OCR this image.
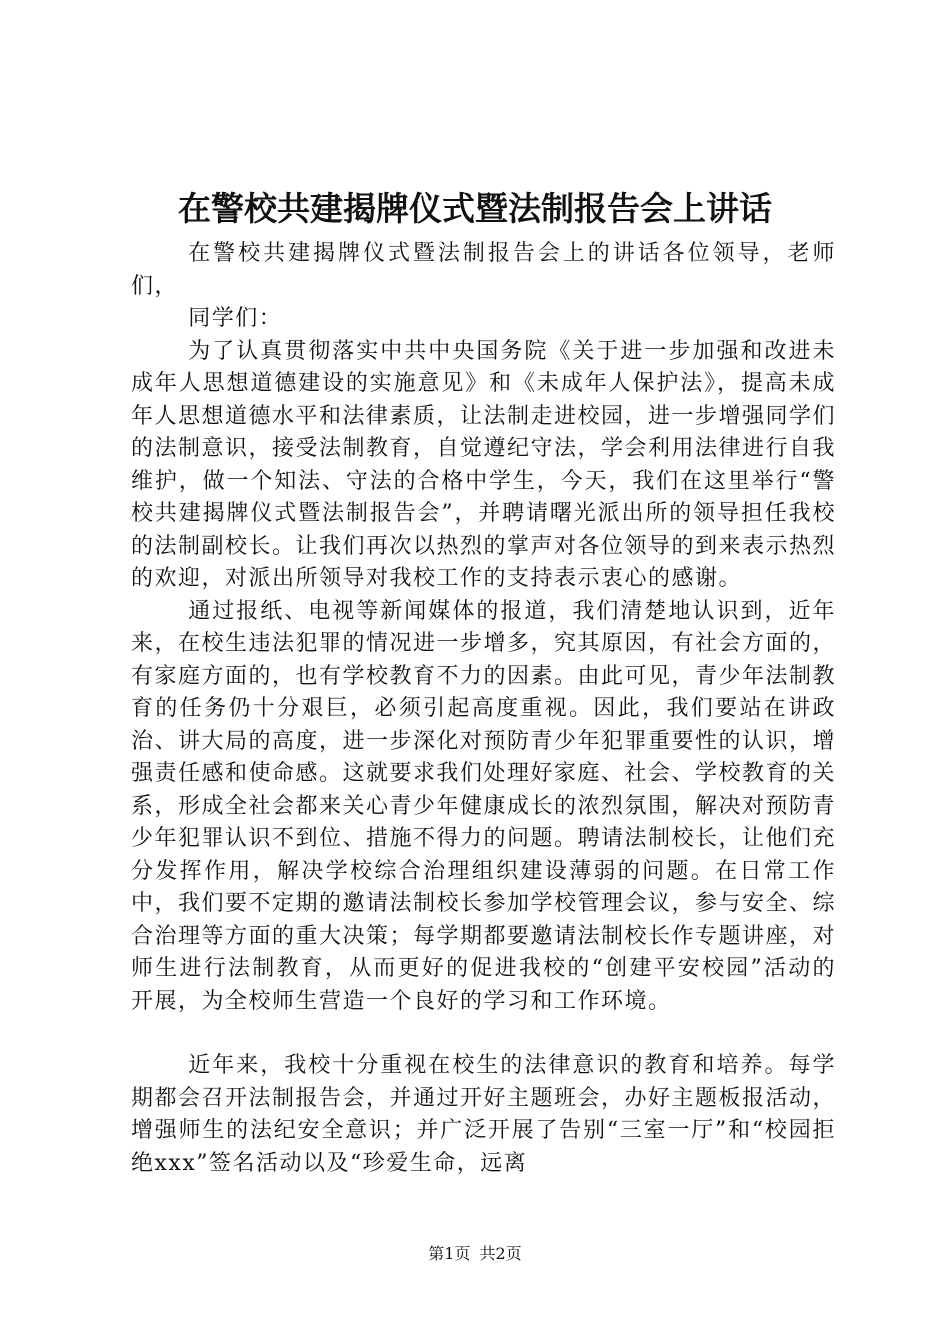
在警校共建揭牌仪式暨法制报告会上讲话

在警校共建揭牌仪式暨法制报告会上的讲话各位领导，老师们，

同学们：

为了认真贯彻落实中共中央国务院《关于进一步加强和改进未成年人思想道德建设的实施意见》和《未成年人保护法》，提高未成年人思想道德水平和法律素质，让法制走进校园，进一步增强同学们的法制意识，接受法制教育，自觉遵纪守法，学会利用法律进行自我维护，做一个知法、守法的合格中学生，今天，我们在这里举行“警校共建揭牌仪式暨法制报告会”，并聘请曙光派出所的领导担任我校的法制副校长。让我们再次以热烈的掌声对各位领导的到来表示热烈的欢迎，对派出所领导对我校工作的支持表示衷心的感谢。

通过报纸、电视等新闻媒体的报道，我们清楚地认识到，近年来，在校生违法犯罪的情况进一步增多，究其原因，有社会方面的，有家庭方面的，也有学校教育不力的因素。由此可见，青少年法制教育的任务仍十分艰巨，必须引起高度重视。因此，我们要站在讲政治、讲大局的高度，进一步深化对预防青少年犯罪重要性的认识，增强责任感和使命感。这就要求我们处理好家庭、社会、学校教育的关系，形成全社会都来关心青少年健康成长的浓烈氛围，解决对预防青少年犯罪认识不到位、措施不得力的问题。聘请法制校长，让他们充分发挥作用，解决学校综合治理组织建设薄弱的问题。在日常工作中，我们要不定期的邀请法制校长参加学校管理会议，参与安全、综合治理等方面的重大决策；每学期都要邀请法制校长作专题讲座，对师生进行法制教育，从而更好的促进我校的“创建平安校园”活动的开展，为全校师生营造一个良好的学习和工作环境。

近年来，我校十分重视在校生的法律意识的教育和培养。每学期都会召开法制报告会，并通过开好主题班会，办好主题板报活动，增强师生的法纪安全意识；并广泛开展了告别“三室一厅”和“校园拒绝xxx”签名活动以及“珍爱生命，远离

第1页 共2页
